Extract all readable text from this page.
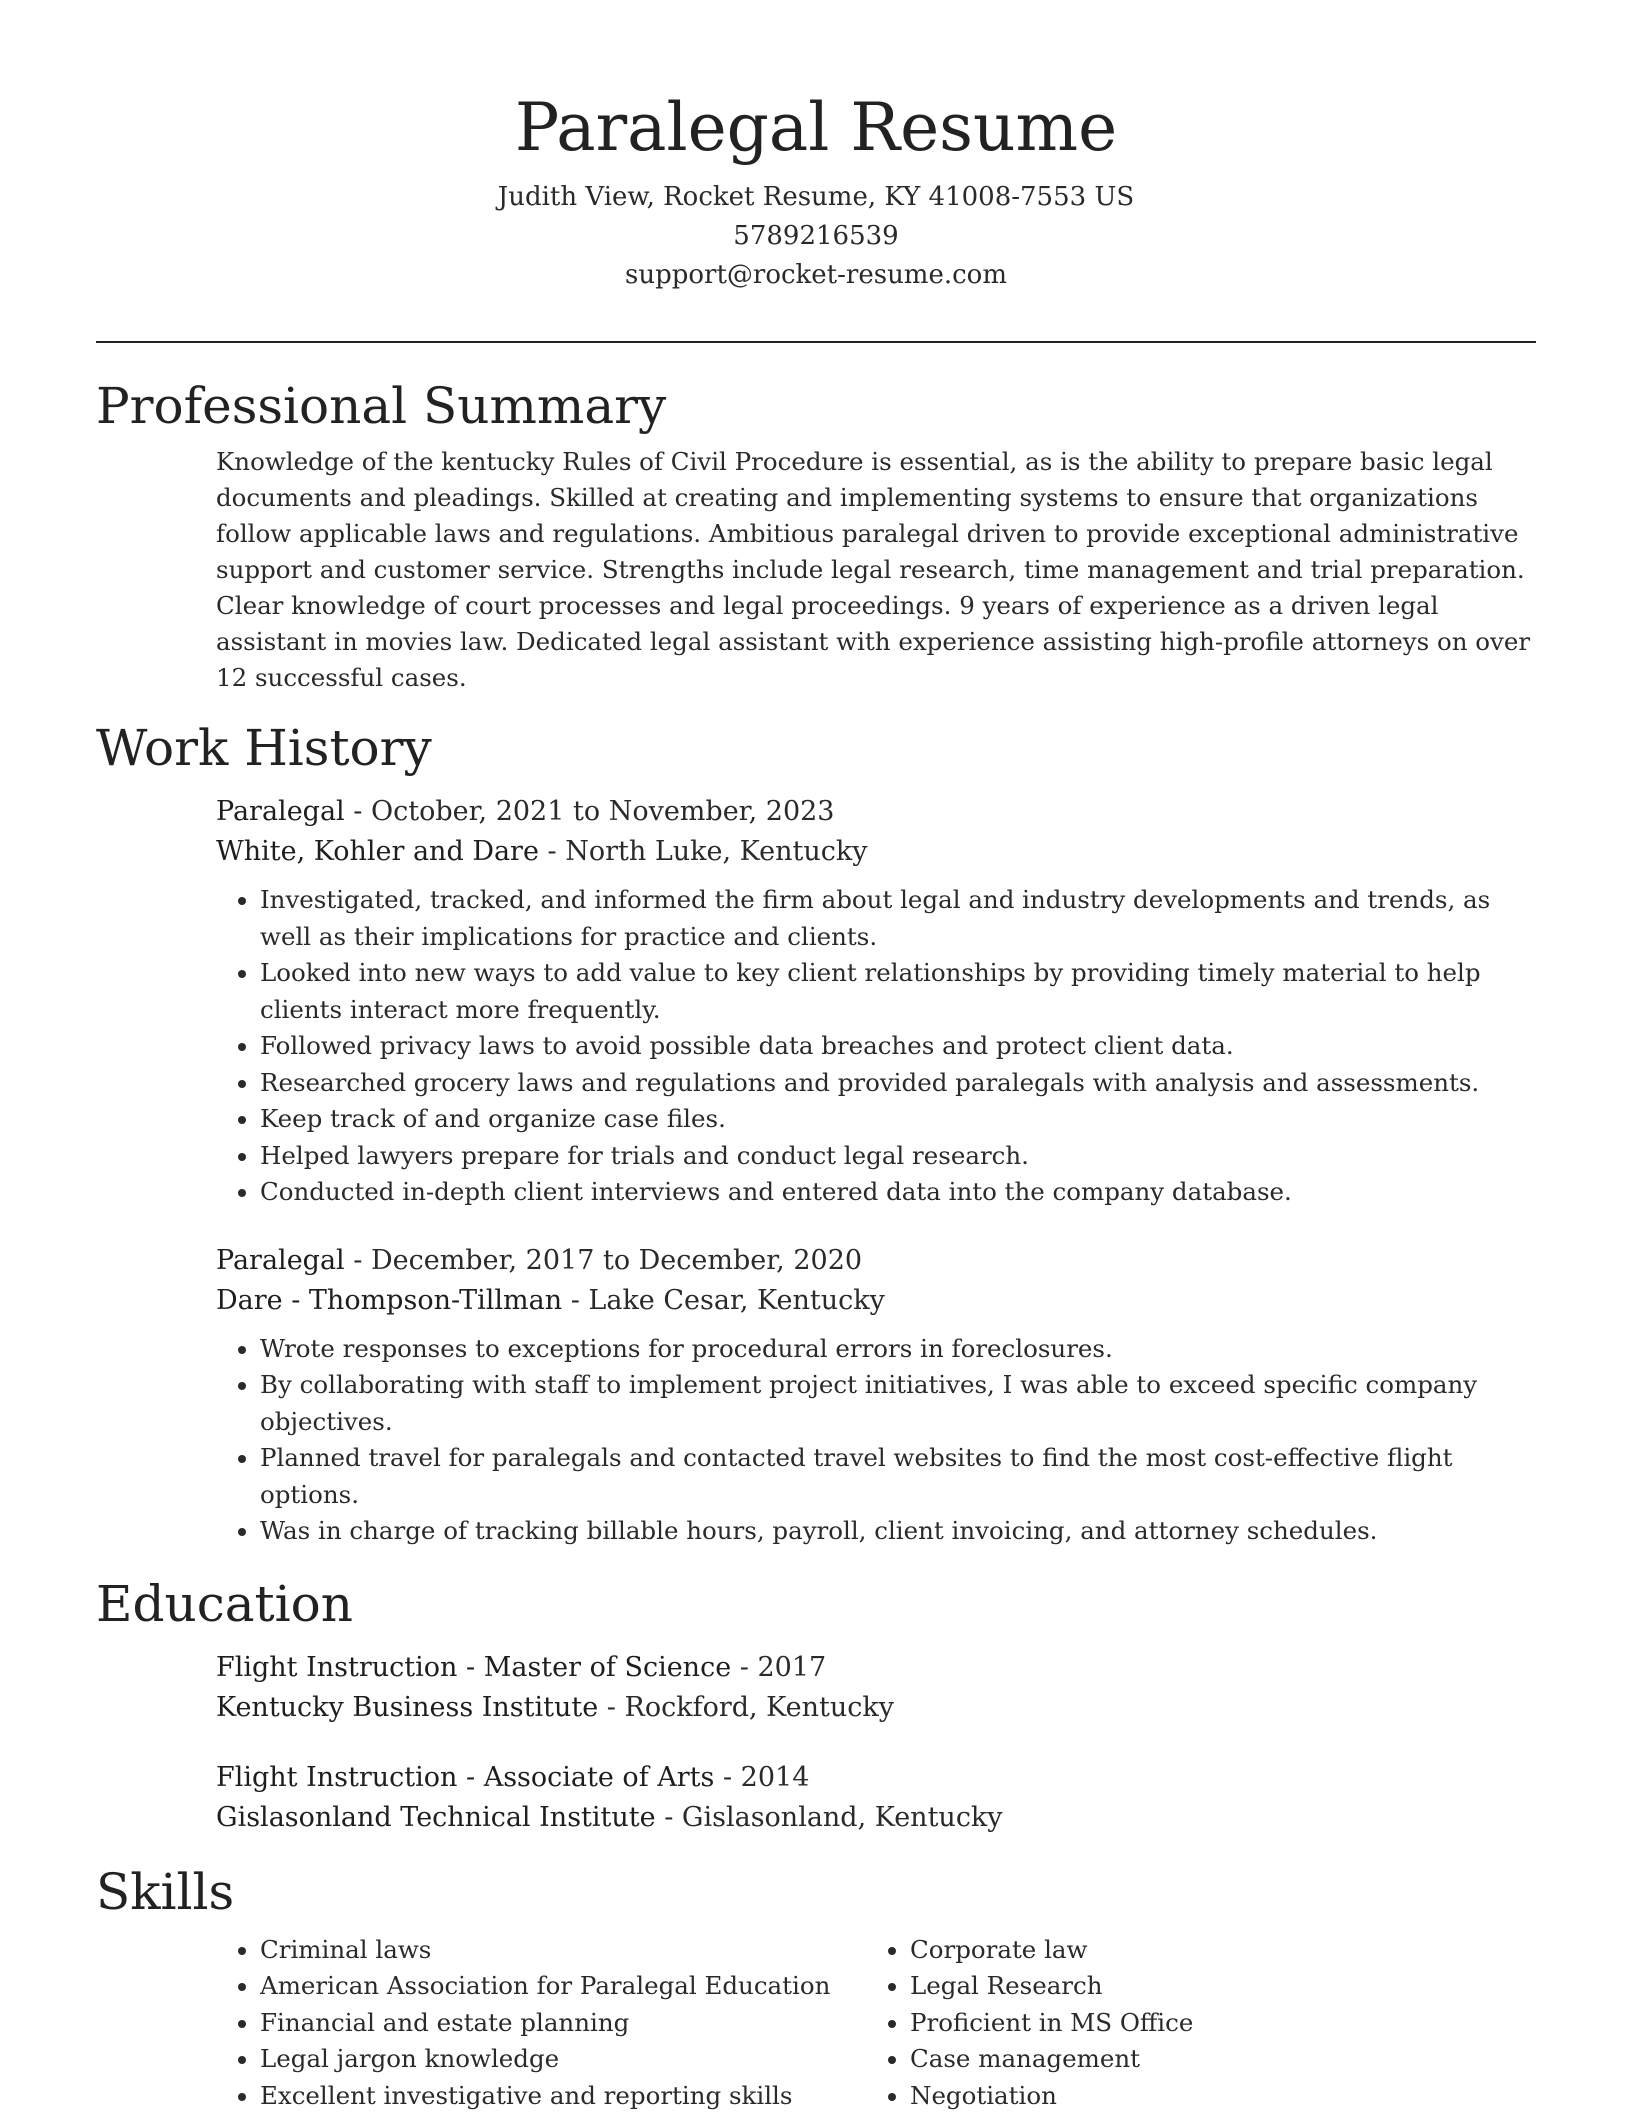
Paralegal Resume
Judith View, Rocket Resume, KY 41008-7553 US
5789216539
support@rocket-resume.com
Professional Summary

Knowledge of the kentucky Rules of Civil Procedure is essential, as is the ability to prepare basic legal documents and pleadings. Skilled at creating and implementing systems to ensure that organizations follow applicable laws and regulations. Ambitious paralegal driven to provide exceptional administrative support and customer service. Strengths include legal research, time management and trial preparation. Clear knowledge of court processes and legal proceedings. 9 years of experience as a driven legal assistant in movies law. Dedicated legal assistant with experience assisting high-profile attorneys on over 12 successful cases.

Work History
Paralegal - October, 2021 to November, 2023
White, Kohler and Dare - North Luke, Kentucky
• Investigated, tracked, and informed the firm about legal and industry developments and trends, as well as their implications for practice and clients.
• Looked into new ways to add value to key client relationships by providing timely material to help clients interact more frequently.
• Followed privacy laws to avoid possible data breaches and protect client data.
• Researched grocery laws and regulations and provided paralegals with analysis and assessments.
• Keep track of and organize case files.
• Helped lawyers prepare for trials and conduct legal research.
• Conducted in-depth client interviews and entered data into the company database.
Paralegal - December, 2017 to December, 2020
Dare - Thompson-Tillman - Lake Cesar, Kentucky
• Wrote responses to exceptions for procedural errors in foreclosures.
• By collaborating with staff to implement project initiatives, I was able to exceed specific company objectives.
• Planned travel for paralegals and contacted travel websites to find the most cost-effective flight options.
• Was in charge of tracking billable hours, payroll, client invoicing, and attorney schedules.
Education
Flight Instruction - Master of Science - 2017
Kentucky Business Institute - Rockford, Kentucky
Flight Instruction - Associate of Arts - 2014
Gislasonland Technical Institute - Gislasonland, Kentucky
Skills
• Criminal laws
• American Association for Paralegal Education
• Financial and estate planning
• Legal jargon knowledge
• Excellent investigative and reporting skills
• Corporate law
• Legal Research
• Proficient in MS Office
• Case management
• Negotiation
